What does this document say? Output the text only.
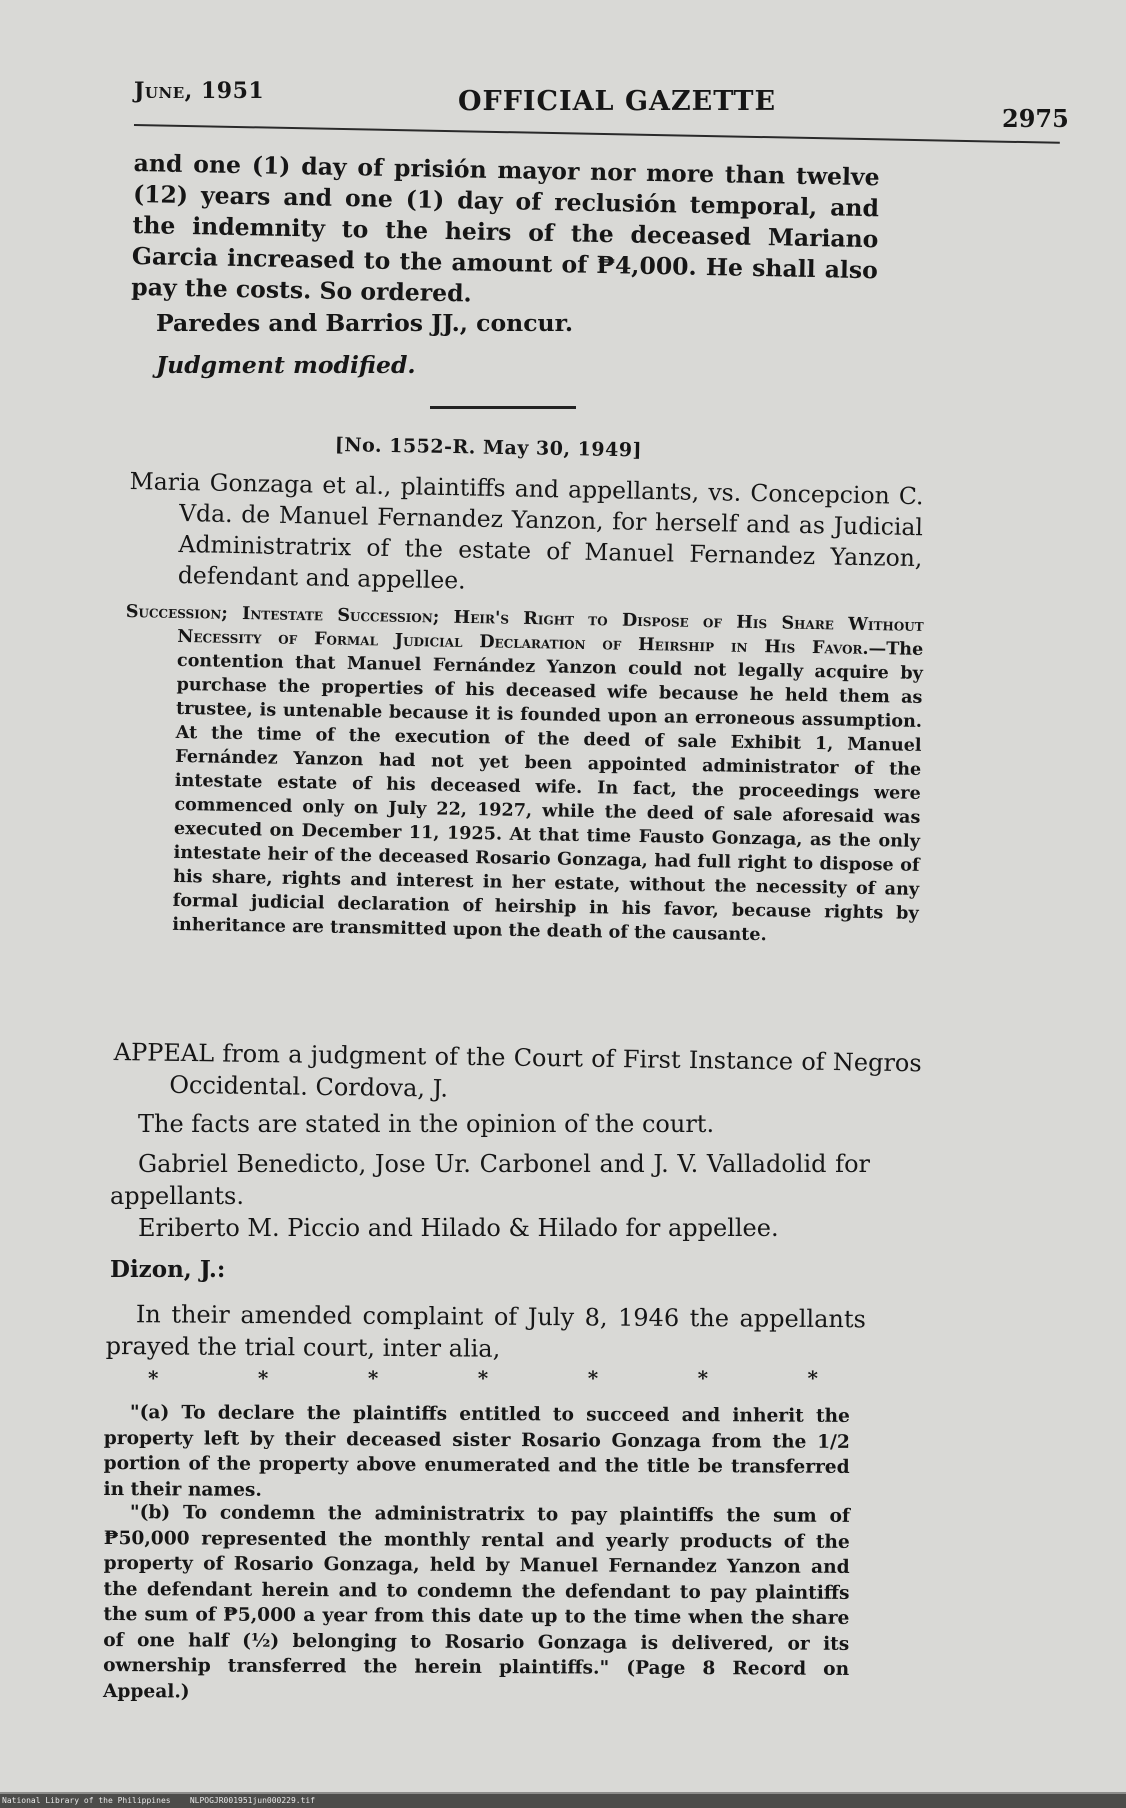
June, 1951	OFFICIAL GAZETTE
2975

and one (1) day of prisión mayor nor more than twelve (12) years and one (1) day of reclusión temporal, and the indemnity to the heirs of the deceased Mariano Garcia increased to the amount of ₱4,000. He shall also pay the costs. So ordered.

Paredes and Barrios JJ., concur.

Judgment modified.

[No. 1552-R. May 30, 1949]

Maria Gonzaga et al., plaintiffs and appellants, vs. Concepcion C. Vda. de Manuel Fernandez Yanzon, for herself and as Judicial Administratrix of the estate of Manuel Fernandez Yanzon, defendant and appellee.

Succession; Intestate Succession; Heir's Right to Dispose of His Share Without Necessity of Formal Judicial Declaration of Heirship in His Favor.—The contention that Manuel Fernández Yanzon could not legally acquire by purchase the properties of his deceased wife because he held them as trustee, is untenable because it is founded upon an erroneous assumption. At the time of the execution of the deed of sale Exhibit 1, Manuel Fernández Yanzon had not yet been appointed administrator of the intestate estate of his deceased wife. In fact, the proceedings were commenced only on July 22, 1927, while the deed of sale aforesaid was executed on December 11, 1925. At that time Fausto Gonzaga, as the only intestate heir of the deceased Rosario Gonzaga, had full right to dispose of his share, rights and interest in her estate, without the necessity of any formal judicial declaration of heirship in his favor, because rights by inheritance are transmitted upon the death of the causante.

APPEAL from a judgment of the Court of First Instance of Negros Occidental. Cordova, J.

The facts are stated in the opinion of the court.

Gabriel Benedicto, Jose Ur. Carbonel and J. V. Valladolid for appellants.

Eriberto M. Piccio and Hilado & Hilado for appellee.

Dizon, J.:

In their amended complaint of July 8, 1946 the appellants prayed the trial court, inter alia,

*	*	*	*	*	*	*

"(a) To declare the plaintiffs entitled to succeed and inherit the property left by their deceased sister Rosario Gonzaga from the 1/2 portion of the property above enumerated and the title be transferred in their names.

"(b) To condemn the administratrix to pay plaintiffs the sum of ₱50,000 represented the monthly rental and yearly products of the property of Rosario Gonzaga, held by Manuel Fernandez Yanzon and the defendant herein and to condemn the defendant to pay plaintiffs the sum of ₱5,000 a year from this date up to the time when the share of one half (½) belonging to Rosario Gonzaga is delivered, or its ownership transferred the herein plaintiffs." (Page 8 Record on Appeal.)

National Library of the Philippines    NLPOGJR001951jun000229.tif
